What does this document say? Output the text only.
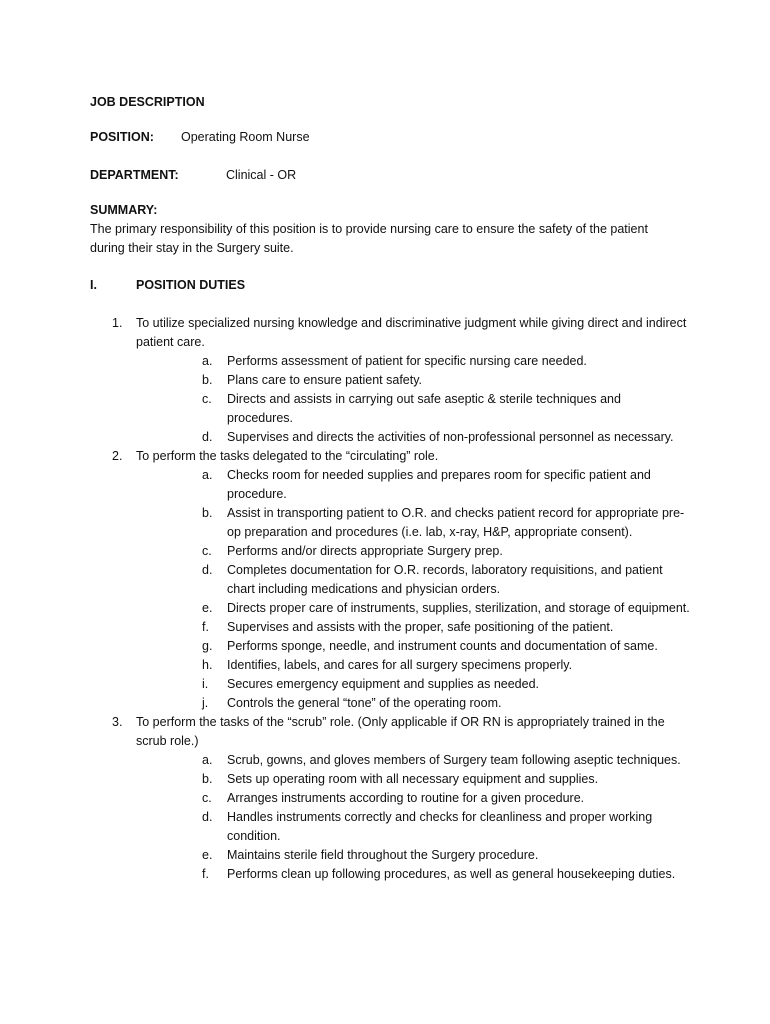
JOB DESCRIPTION
POSITION: Operating Room Nurse
DEPARTMENT:	Clinical - OR
SUMMARY:
The primary responsibility of this position is to provide nursing care to ensure the safety of the patient during their stay in the Surgery suite.
I.	POSITION DUTIES
1. To utilize specialized nursing knowledge and discriminative judgment while giving direct and indirect patient care.
a. Performs assessment of patient for specific nursing care needed.
b. Plans care to ensure patient safety.
c. Directs and assists in carrying out safe aseptic & sterile techniques and procedures.
d. Supervises and directs the activities of non-professional personnel as necessary.
2. To perform the tasks delegated to the “circulating” role.
a. Checks room for needed supplies and prepares room for specific patient and procedure.
b. Assist in transporting patient to O.R. and checks patient record for appropriate pre-op preparation and procedures (i.e. lab, x-ray, H&P, appropriate consent).
c. Performs and/or directs appropriate Surgery prep.
d. Completes documentation for O.R. records, laboratory requisitions, and patient chart including medications and physician orders.
e. Directs proper care of instruments, supplies, sterilization, and storage of equipment.
f. Supervises and assists with the proper, safe positioning of the patient.
g. Performs sponge, needle, and instrument counts and documentation of same.
h. Identifies, labels, and cares for all surgery specimens properly.
i. Secures emergency equipment and supplies as needed.
j. Controls the general “tone” of the operating room.
3. To perform the tasks of the “scrub” role. (Only applicable if OR RN is appropriately trained in the scrub role.)
a. Scrub, gowns, and gloves members of Surgery team following aseptic techniques.
b. Sets up operating room with all necessary equipment and supplies.
c. Arranges instruments according to routine for a given procedure.
d. Handles instruments correctly and checks for cleanliness and proper working condition.
e. Maintains sterile field throughout the Surgery procedure.
f. Performs clean up following procedures, as well as general housekeeping duties.
